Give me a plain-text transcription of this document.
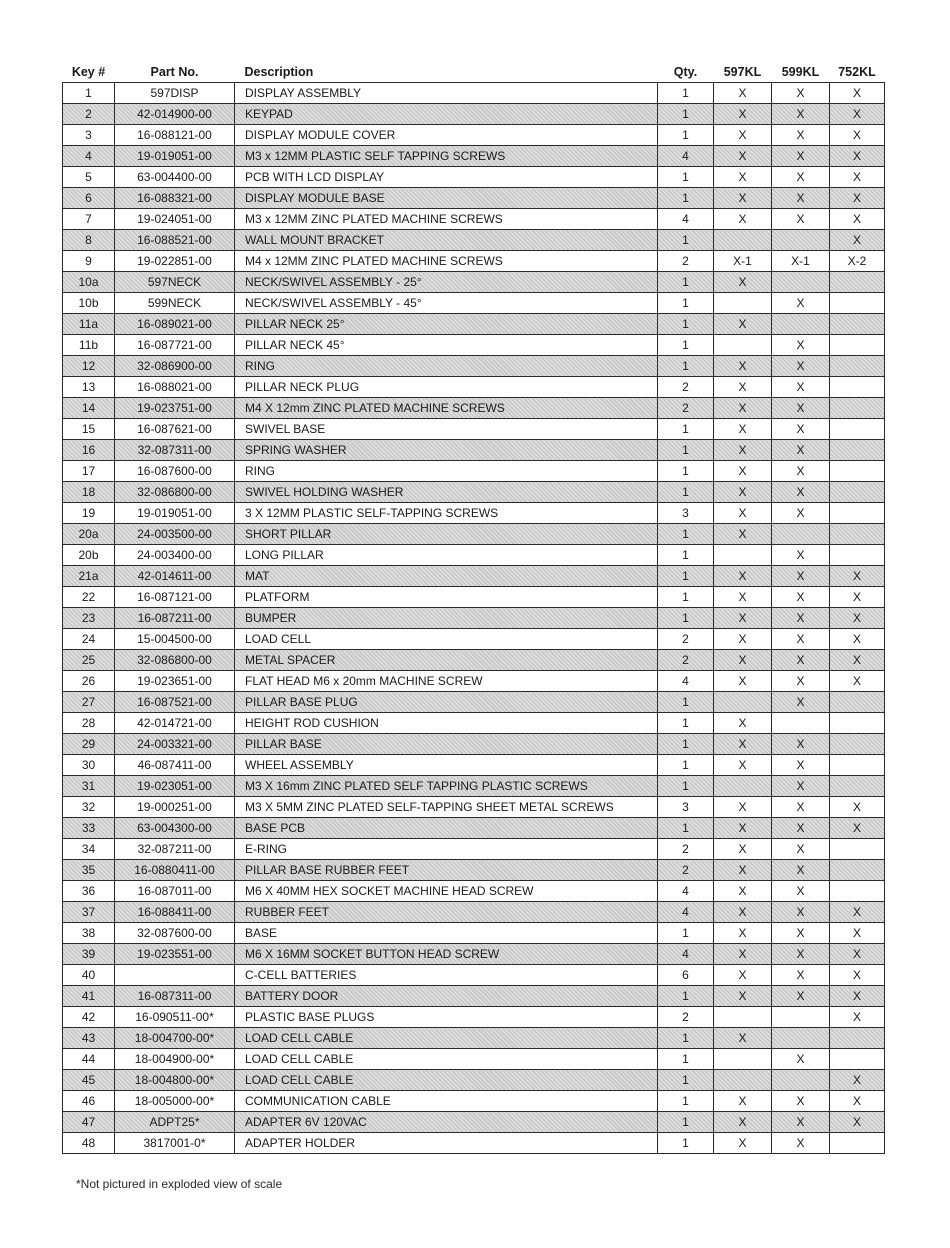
Key #	Part No.	Description	Qty.	597KL	599KL	752KL
1	597DISP	DISPLAY ASSEMBLY	1	X	X	X
2	42-014900-00	KEYPAD	1	X	X	X
3	16-088121-00	DISPLAY MODULE COVER	1	X	X	X
4	19-019051-00	M3 x 12MM PLASTIC SELF TAPPING SCREWS	4	X	X	X
5	63-004400-00	PCB WITH LCD DISPLAY	1	X	X	X
6	16-088321-00	DISPLAY MODULE BASE	1	X	X	X
7	19-024051-00	M3 x 12MM ZINC PLATED MACHINE SCREWS	4	X	X	X
8	16-088521-00	WALL MOUNT BRACKET	1			X
9	19-022851-00	M4 x 12MM ZINC PLATED MACHINE SCREWS	2	X-1	X-1	X-2
10a	597NECK	NECK/SWIVEL ASSEMBLY - 25°	1	X		
10b	599NECK	NECK/SWIVEL ASSEMBLY - 45°	1		X	
11a	16-089021-00	PILLAR NECK 25°	1	X		
11b	16-087721-00	PILLAR NECK 45°	1		X	
12	32-086900-00	RING	1	X	X	
13	16-088021-00	PILLAR NECK PLUG	2	X	X	
14	19-023751-00	M4 X 12mm ZINC PLATED MACHINE SCREWS	2	X	X	
15	16-087621-00	SWIVEL BASE	1	X	X	
16	32-087311-00	SPRING WASHER	1	X	X	
17	16-087600-00	RING	1	X	X	
18	32-086800-00	SWIVEL HOLDING WASHER	1	X	X	
19	19-019051-00	3 X 12MM PLASTIC SELF-TAPPING SCREWS	3	X	X	
20a	24-003500-00	SHORT PILLAR	1	X		
20b	24-003400-00	LONG PILLAR	1		X	
21a	42-014611-00	MAT	1	X	X	X
22	16-087121-00	PLATFORM	1	X	X	X
23	16-087211-00	BUMPER	1	X	X	X
24	15-004500-00	LOAD CELL	2	X	X	X
25	32-086800-00	METAL SPACER	2	X	X	X
26	19-023651-00	FLAT HEAD M6 x 20mm MACHINE SCREW	4	X	X	X
27	16-087521-00	PILLAR BASE PLUG	1		X	
28	42-014721-00	HEIGHT ROD CUSHION	1	X		
29	24-003321-00	PILLAR BASE	1	X	X	
30	46-087411-00	WHEEL ASSEMBLY	1	X	X	
31	19-023051-00	M3 X 16mm ZINC PLATED SELF TAPPING PLASTIC SCREWS	1		X	
32	19-000251-00	M3 X 5MM ZINC PLATED SELF-TAPPING SHEET METAL SCREWS	3	X	X	X
33	63-004300-00	BASE PCB	1	X	X	X
34	32-087211-00	E-RING	2	X	X	
35	16-0880411-00	PILLAR BASE RUBBER FEET	2	X	X	
36	16-087011-00	M6 X 40MM HEX SOCKET MACHINE HEAD SCREW	4	X	X	
37	16-088411-00	RUBBER FEET	4	X	X	X
38	32-087600-00	BASE	1	X	X	X
39	19-023551-00	M6 X 16MM SOCKET BUTTON HEAD SCREW	4	X	X	X
40		C-CELL BATTERIES	6	X	X	X
41	16-087311-00	BATTERY DOOR	1	X	X	X
42	16-090511-00*	PLASTIC BASE PLUGS	2			X
43	18-004700-00*	LOAD CELL CABLE	1	X		
44	18-004900-00*	LOAD CELL CABLE	1		X	
45	18-004800-00*	LOAD CELL CABLE	1			X
46	18-005000-00*	COMMUNICATION CABLE	1	X	X	X
47	ADPT25*	ADAPTER 6V 120VAC	1	X	X	X
48	3817001-0*	ADAPTER HOLDER	1	X	X	
*Not pictured in exploded view of scale
